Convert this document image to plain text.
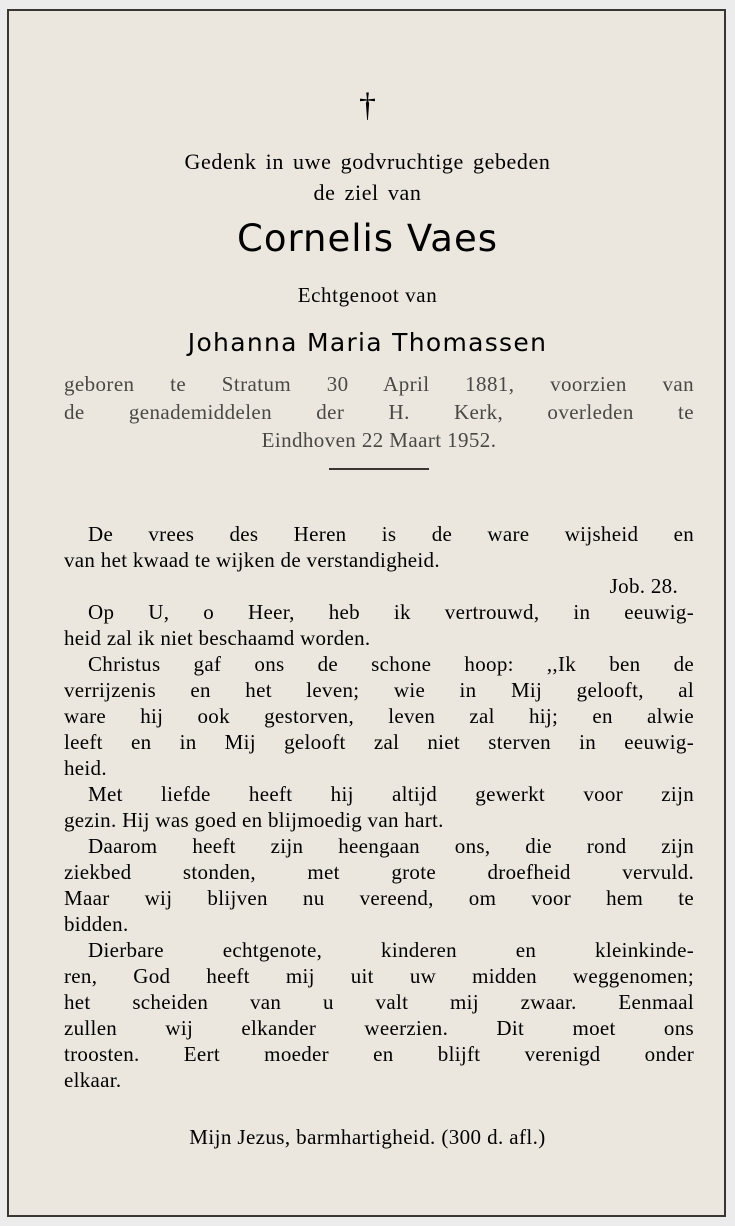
†
Gedenk in uwe godvruchtige gebeden
de ziel van
Cornelis Vaes
Echtgenoot van
Johanna Maria Thomassen
geboren te Stratum 30 April 1881, voorzien van
de genademiddelen der H. Kerk, overleden te
Eindhoven 22 Maart 1952.
De vrees des Heren is de ware wijsheid en
van het kwaad te wijken de verstandigheid.
Job. 28.
Op U, o Heer, heb ik vertrouwd, in eeuwig-
heid zal ik niet beschaamd worden.
Christus gaf ons de schone hoop: ,,Ik ben de
verrijzenis en het leven; wie in Mij gelooft, al
ware hij ook gestorven, leven zal hij; en alwie
leeft en in Mij gelooft zal niet sterven in eeuwig-
heid.
Met liefde heeft hij altijd gewerkt voor zijn
gezin. Hij was goed en blijmoedig van hart.
Daarom heeft zijn heengaan ons, die rond zijn
ziekbed stonden, met grote droefheid vervuld.
Maar wij blijven nu vereend, om voor hem te
bidden.
Dierbare echtgenote, kinderen en kleinkinde-
ren, God heeft mij uit uw midden weggenomen;
het scheiden van u valt mij zwaar. Eenmaal
zullen wij elkander weerzien. Dit moet ons
troosten. Eert moeder en blijft verenigd onder
elkaar.
Mijn Jezus, barmhartigheid. (300 d. afl.)
